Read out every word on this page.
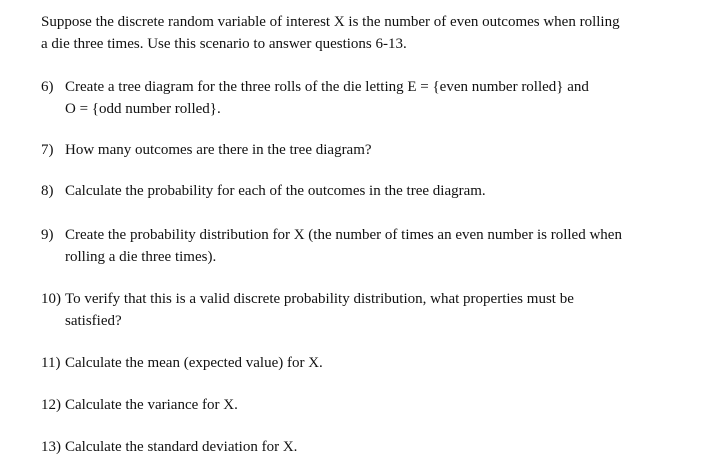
Suppose the discrete random variable of interest X is the number of even outcomes when rolling
a die three times. Use this scenario to answer questions 6-13.

6) Create a tree diagram for the three rolls of the die letting E = {even number rolled} and
O = {odd number rolled}.
7) How many outcomes are there in the tree diagram?
8) Calculate the probability for each of the outcomes in the tree diagram.
9) Create the probability distribution for X (the number of times an even number is rolled when
rolling a die three times).
10) To verify that this is a valid discrete probability distribution, what properties must be
satisfied?
11) Calculate the mean (expected value) for X.
12) Calculate the variance for X.
13) Calculate the standard deviation for X.
